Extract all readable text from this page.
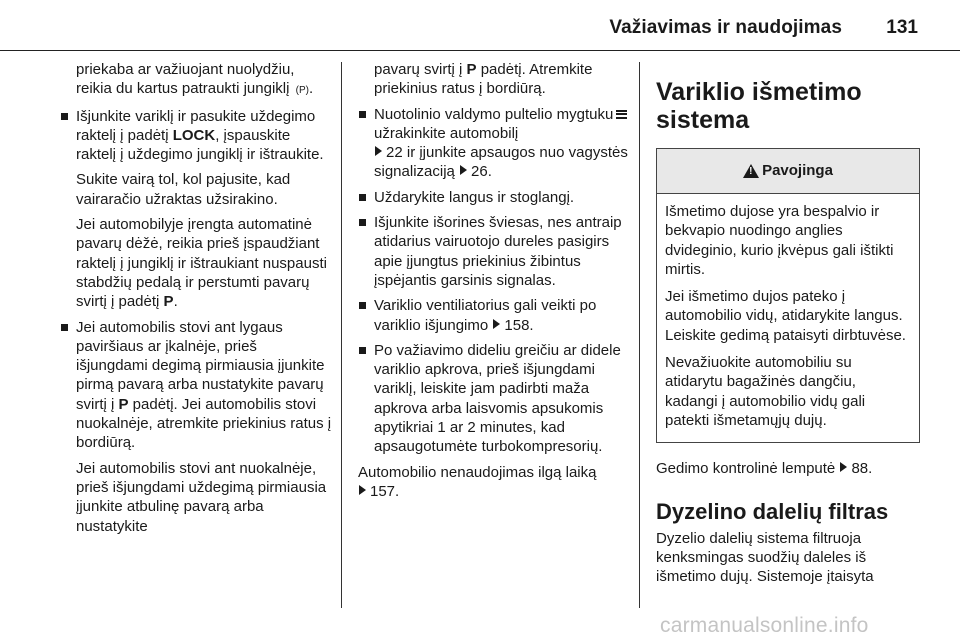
Važiavimas ir naudojimas 131

priekaba ar važiuojant nuolydžiu, reikia du kartus patraukti jungiklį (P).

Išjunkite variklį ir pasukite uždegimo raktelį į padėtį LOCK, įspauskite raktelį į uždegimo jungiklį ir ištraukite.

Sukite vairą tol, kol pajusite, kad vairaračio užraktas užsirakino.

Jei automobilyje įrengta automatinė pavarų dėžė, reikia prieš įspaudžiant raktelį į jungiklį ir ištraukiant nuspausti stabdžių pedalą ir perstumti pavarų svirtį į padėtį P.

Jei automobilis stovi ant lygaus paviršiaus ar įkalnėje, prieš išjungdami degimą pirmiausia įjunkite pirmą pavarą arba nustatykite pavarų svirtį į P padėtį. Jei automobilis stovi nuokalnėje, atremkite priekinius ratus į bordiūrą.

Jei automobilis stovi ant nuokalnėje, prieš išjungdami uždegimą pirmiausia įjunkite atbulinę pavarą arba nustatykite

pavarų svirtį į P padėtį. Atremkite priekinius ratus į bordiūrą.

Nuotolinio valdymo pultelio mygtukuužrakinkite automobilį
22 ir įjunkite apsaugos nuo vagystės signalizaciją 26.
Uždarykite langus ir stoglangį.
Išjunkite išorines šviesas, nes antraip atidarius vairuotojo dureles pasigirs apie įjungtus priekinius žibintus įspėjantis garsinis signalas.
Variklio ventiliatorius gali veikti po variklio išjungimo 158.
Po važiavimo dideliu greičiu ar didele variklio apkrova, prieš išjungdami variklį, leiskite jam padirbti maža apkrova arba laisvomis apsukomis apytikriai 1 ar 2 minutes, kad apsaugotumėte turbokompresorių.

Automobilio nenaudojimas ilgą laiką
157.

Variklio išmetimo sistema
! Pavojinga

Išmetimo dujose yra bespalvio ir bekvapio nuodingo anglies dvideginio, kurio įkvėpus gali ištikti mirtis.

Jei išmetimo dujos pateko į automobilio vidų, atidarykite langus. Leiskite gedimą pataisyti dirbtuvėse.

Nevažiuokite automobiliu su atidarytu bagažinės dangčiu, kadangi į automobilio vidų gali patekti išmetamųjų dujų.

Gedimo kontrolinė lemputė 88.

Dyzelino dalelių filtras

Dyzelio dalelių sistema filtruoja kenksmingas suodžių daleles iš išmetimo dujų. Sistemoje įtaisyta

carmanualsonline.info
